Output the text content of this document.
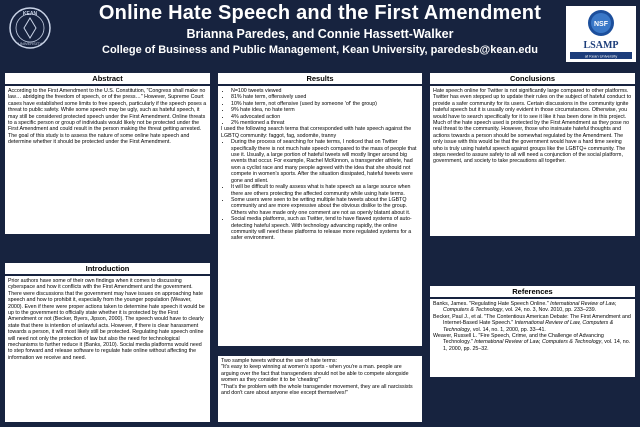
KEAN
UNIVERSITY
Online Hate Speech and the First Amendment
Brianna Paredes, and Connie Hassett-Walker
College of Business and Public Management, Kean University, paredesb@kean.edu
NSF
LSAMP
at Kean University
Abstract

According to the First Amendment to the U.S. Constitution, "Congress shall make no law… abridging the freedom of speech, or of the press…" However, Supreme Court cases have established some limits to free speech, particularly if the speech poses a threat to public safety. While some speech may be ugly, such as hateful speech, it may still be considered protected speech under the First Amendment. Online threats to a specific person or group of individuals would likely not be protected under the First Amendment and could result in the person making the threat getting arrested. The goal of this study is to assess the nature of some online hate speech and determine whether it should be protected under the First Amendment.

Introduction

Prior authors have some of their own findings when it comes to discussing cyberspace and how it conflicts with the First Amendment and the government. There were discussions that the government may have issues on approaching hate speech and how to prohibit it, especially from the younger population (Weaver, 2000). Even if there were proper actions taken to determine hate speech it would be up to the government to officially state whether it is protected by the First Amendment or not (Becker, Byers, Jipson, 2000). The speech would have to clearly state that there is intention of unlawful acts. However, if there is clear harassment towards a person, it will most likely still be protected. Regulating hate speech online will need not only the protection of law but also the need for technological mechanisms to further reduce it (Banks, 2010). Social media platforms would need to step forward and release software to regulate hate online without affecting the information we receive and need.

Results
• N=100 tweets viewed
• 81% hate term, offensively used
• 10% hate term, not offensive (used by someone 'of' the group)
• 9% hate idea, no hate term
• 4% advocated action
• 2% mentioned a threat

I used the following search terms that corresponded with hate speech against the LGBTQ community: faggot, fag, sodomite, tranny

• During the process of searching for hate terms, I noticed that on Twitter specifically there is not much hate speech compared to the mass of people that use it. Usually, a large portion of hateful tweets will mostly linger around big events that occur. For example, Rachel McKinnon, a transgender athlete, had won a cyclist race and many people agreed with the idea that she should not compete in women's sports. After the situation dissipated, hateful tweets were gone and silent.
• It will be difficult to really assess what is hate speech as a large source when there are others protecting the affected community while using hate terms.
• Some users were seen to be writing multiple hate tweets about the LGBTQ community and are more expressive about the obvious dislike to the group. Others who have made only one comment are not as openly blatant about it.
• Social media platforms, such as Twitter, tend to have flawed systems of auto-detecting hateful speech. With technology advancing rapidly, the online community will need these platforms to release more regulated systems for a safer environment.

Two sample tweets without the use of hate terms:

"It's easy to keep winning at women's sports - when you're a man. people are arguing over the fact that transgenders should not be able to compete alongside women as they consider it to be 'cheating'"

"That's the problem with the whole transgender movement, they are all narcissists and don't care about anyone else except themselves!"

Conclusions

Hate speech online for Twitter is not significantly large compared to other platforms. Twitter has even stepped up to update their rules on the subject of hateful conduct to provide a safer community for its users. Certain discussions in the community ignite hateful speech but it is usually only evident in those circumstances. Otherwise, you would have to search specifically for it to see it like it has been done in this project. Much of the hate speech used is protected by the First Amendment as they pose no real threat to the community. However, those who insinuate hateful thoughts and actions towards a person should be somewhat regulated by the Amendment. The only issue with this would be that the government would have a hard time seeing who is truly using hateful speech against groups like the LGBTQ+ community. The steps needed to assure safety to all will need a conjunction of the social platform, government, and society to take precautions all together.

References

Banks, James. "Regulating Hate Speech Online." International Review of Law, Computers & Technology, vol. 24, no. 3, Nov. 2010, pp. 233–239.

Becker, Paul J., et al. "The Contentious American Debate: The First Amendment and Internet-Based Hate Speech." International Review of Law, Computers & Technology, vol. 14, no. 1, 2000, pp. 33–41.

Weaver, Russell L. "Fire Speech, Crime, and the Challenge of Advancing Technology." International Review of Law, Computers & Technology, vol. 14, no. 1, 2000, pp. 25–32.
